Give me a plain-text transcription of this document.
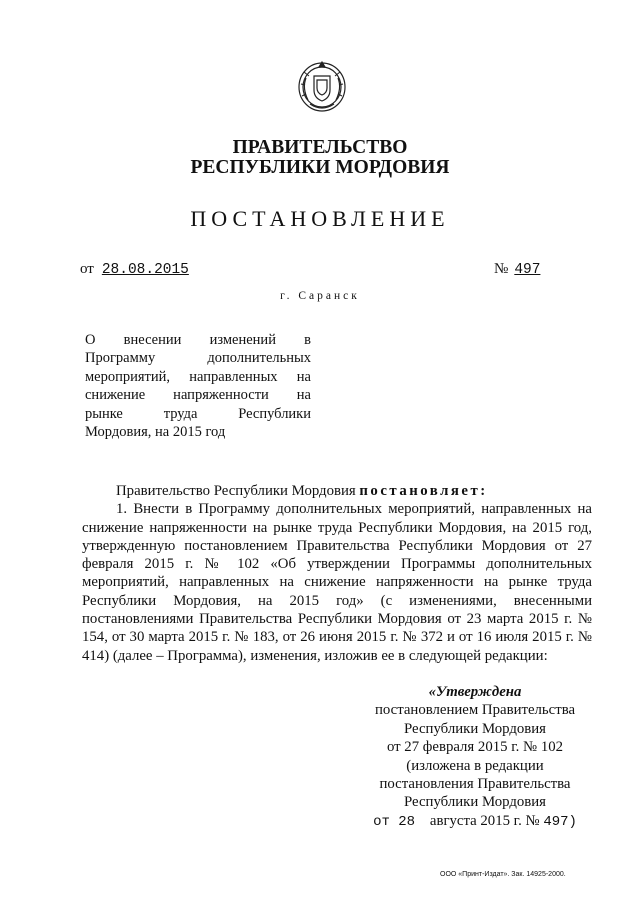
ПРАВИТЕЛЬСТВО
РЕСПУБЛИКИ МОРДОВИЯ
ПОСТАНОВЛЕНИЕ
от 28.08.2015	№ 497
г. Саранск
О внесении изменений в
Программу дополнительных
мероприятий, направленных на
снижение напряженности на
рынке труда Республики
Мордовия, на 2015 год

Правительство Республики Мордовия постановляет:

1. Внести в Программу дополнительных мероприятий, направленных на снижение напряженности на рынке труда Республики Мордовия, на 2015 год, утвержденную постановлением Правительства Республики Мордовия от 27 февраля 2015 г. № 102 «Об утверждении Программы дополнительных мероприятий, направленных на снижение напряженности на рынке труда Республики Мордовия, на 2015 год» (с изменениями, внесенными постановлениями Правительства Республики Мордовия от 23 марта 2015 г. № 154, от 30 марта 2015 г. № 183, от 26 июня 2015 г. № 372 и от 16 июля 2015 г. № 414) (далее – Программа), изменения, изложив ее в следующей редакции:

«Утверждена
постановлением Правительства
Республики Мордовия
от 27 февраля 2015 г. № 102
(изложена в редакции
постановления Правительства
Республики Мордовия
от 28 августа 2015 г. № 497)
ООО «Принт-Издат». Зак. 14925-2000.
